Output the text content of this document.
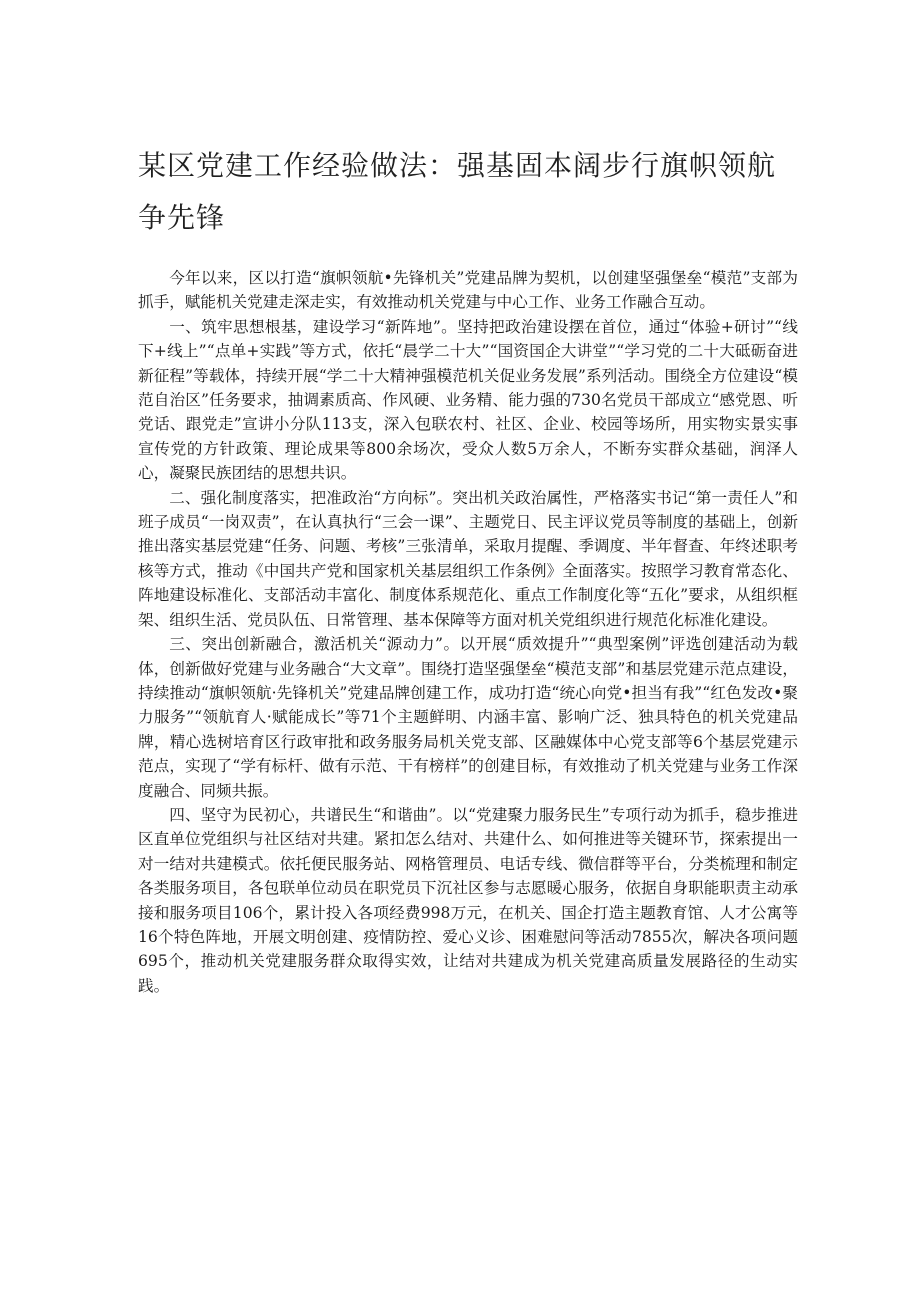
某区党建工作经验做法：强基固本阔步行旗帜领航争先锋

今年以来，区以打造“旗帜领航•先锋机关”党建品牌为契机，以创建坚强堡垒“模范”支部为抓手，赋能机关党建走深走实，有效推动机关党建与中心工作、业务工作融合互动。

一、筑牢思想根基，建设学习“新阵地”。坚持把政治建设摆在首位，通过“体验+研讨”“线下+线上”“点单+实践”等方式，依托“晨学二十大”“国资国企大讲堂”“学习党的二十大砥砺奋进新征程”等载体，持续开展“学二十大精神强模范机关促业务发展”系列活动。围绕全方位建设“模范自治区”任务要求，抽调素质高、作风硬、业务精、能力强的730名党员干部成立“感党恩、听党话、跟党走”宣讲小分队113支，深入包联农村、社区、企业、校园等场所，用实物实景实事宣传党的方针政策、理论成果等800余场次，受众人数5万余人，不断夯实群众基础，润泽人心，凝聚民族团结的思想共识。

二、强化制度落实，把准政治“方向标”。突出机关政治属性，严格落实书记“第一责任人”和班子成员“一岗双责”，在认真执行“三会一课”、主题党日、民主评议党员等制度的基础上，创新推出落实基层党建“任务、问题、考核”三张清单，采取月提醒、季调度、半年督查、年终述职考核等方式，推动《中国共产党和国家机关基层组织工作条例》全面落实。按照学习教育常态化、阵地建设标准化、支部活动丰富化、制度体系规范化、重点工作制度化等“五化”要求，从组织框架、组织生活、党员队伍、日常管理、基本保障等方面对机关党组织进行规范化标准化建设。

三、突出创新融合，激活机关“源动力”。以开展“质效提升”“典型案例”评选创建活动为载体，创新做好党建与业务融合“大文章”。围绕打造坚强堡垒“模范支部”和基层党建示范点建设，持续推动“旗帜领航·先锋机关”党建品牌创建工作，成功打造“统心向党•担当有我”“红色发改•聚力服务”“领航育人·赋能成长”等71个主题鲜明、内涵丰富、影响广泛、独具特色的机关党建品牌，精心选树培育区行政审批和政务服务局机关党支部、区融媒体中心党支部等6个基层党建示范点，实现了“学有标杆、做有示范、干有榜样”的创建目标，有效推动了机关党建与业务工作深度融合、同频共振。

四、坚守为民初心，共谱民生“和谐曲”。以“党建聚力服务民生”专项行动为抓手，稳步推进区直单位党组织与社区结对共建。紧扣怎么结对、共建什么、如何推进等关键环节，探索提出一对一结对共建模式。依托便民服务站、网格管理员、电话专线、微信群等平台，分类梳理和制定各类服务项目，各包联单位动员在职党员下沉社区参与志愿暖心服务，依据自身职能职责主动承接和服务项目106个，累计投入各项经费998万元，在机关、国企打造主题教育馆、人才公寓等16个特色阵地，开展文明创建、疫情防控、爱心义诊、困难慰问等活动7855次，解决各项问题695个，推动机关党建服务群众取得实效，让结对共建成为机关党建高质量发展路径的生动实践。
